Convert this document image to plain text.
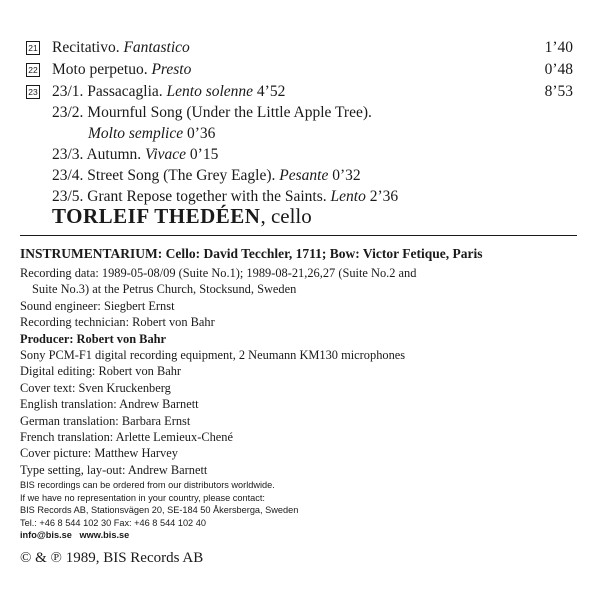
21 Recitativo. Fantastico	1’40
22 Moto perpetuo. Presto	0’48
23 23/1. Passacaglia. Lento solenne 4’52	8’53
23/2. Mournful Song (Under the Little Apple Tree).
Molto semplice 0’36
23/3. Autumn. Vivace 0’15
23/4. Street Song (The Grey Eagle). Pesante 0’32
23/5. Grant Repose together with the Saints. Lento 2’36
TORLEIF THEDÉEN, cello
INSTRUMENTARIUM: Cello: David Tecchler, 1711; Bow: Victor Fetique, Paris
Recording data: 1989-05-08/09 (Suite No.1); 1989-08-21,26,27 (Suite No.2 and
Suite No.3) at the Petrus Church, Stocksund, Sweden
Sound engineer: Siegbert Ernst
Recording technician: Robert von Bahr
Producer: Robert von Bahr
Sony PCM-F1 digital recording equipment, 2 Neumann KM130 microphones
Digital editing: Robert von Bahr
Cover text: Sven Kruckenberg
English translation: Andrew Barnett
German translation: Barbara Ernst
French translation: Arlette Lemieux-Chené
Cover picture: Matthew Harvey
Type setting, lay-out: Andrew Barnett
BIS recordings can be ordered from our distributors worldwide.
If we have no representation in your country, please contact:
BIS Records AB, Stationsvägen 20, SE-184 50 Åkersberga, Sweden
Tel.: +46 8 544 102 30 Fax: +46 8 544 102 40
info@bis.se www.bis.se
© & ℗ 1989, BIS Records AB
